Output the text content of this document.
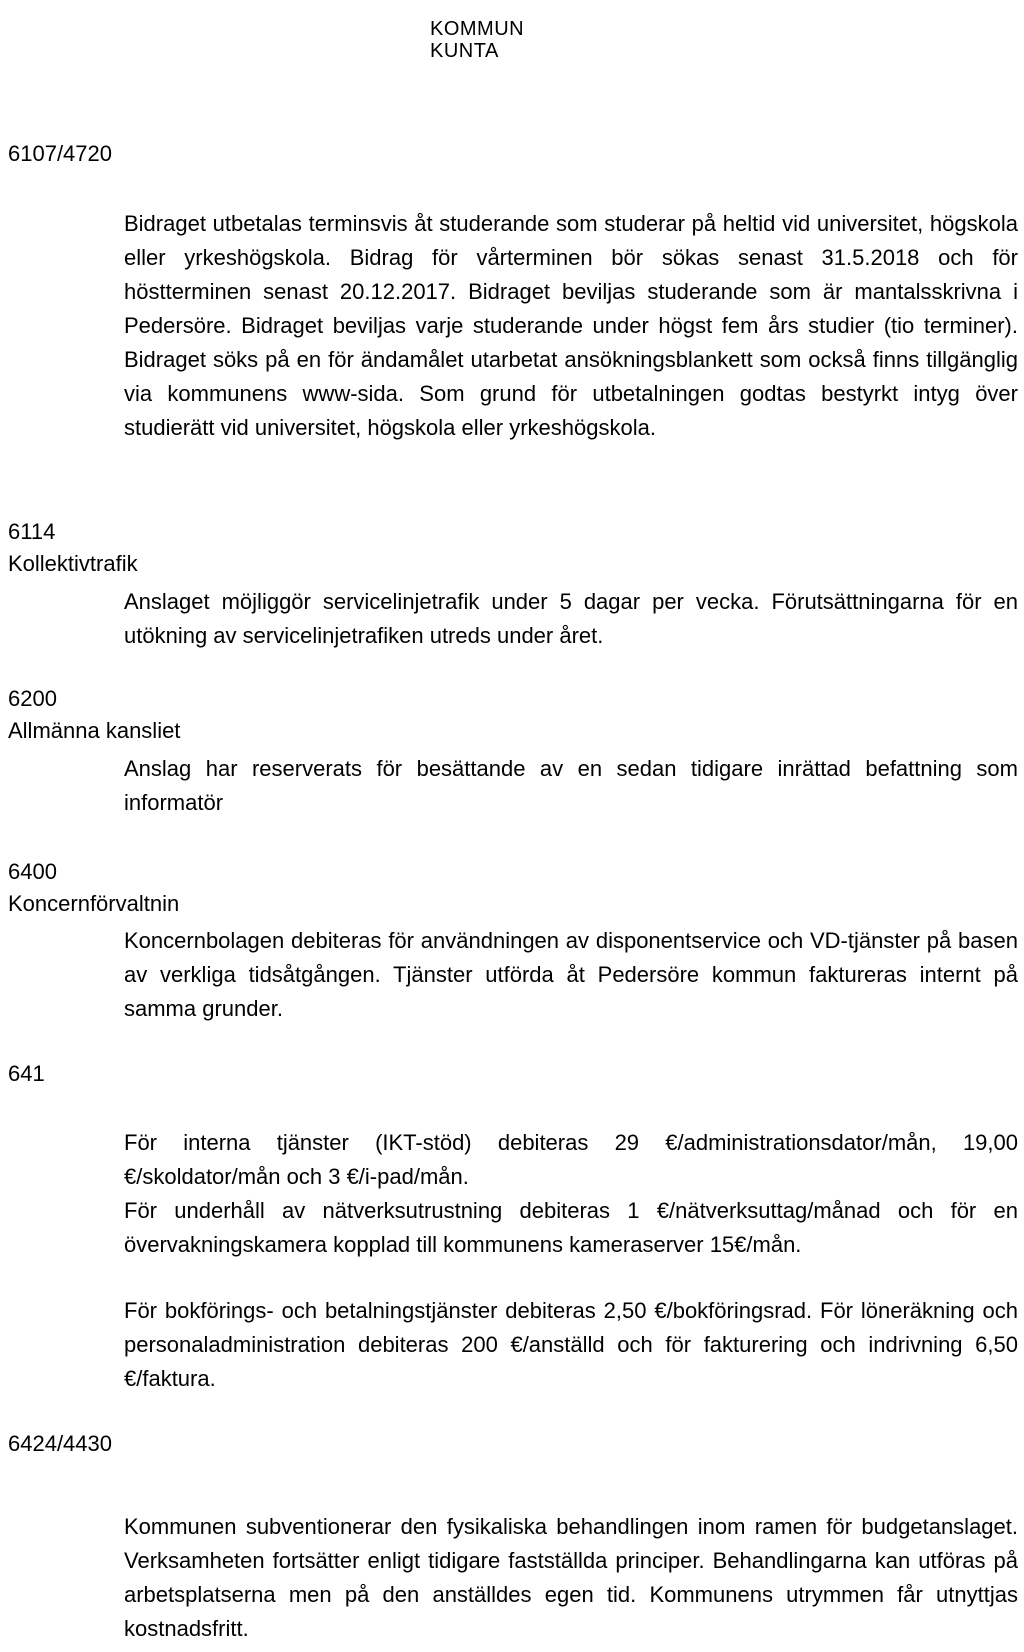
KOMMUN
KUNTA
6107/4720

Bidraget utbetalas terminsvis åt studerande som studerar på heltid vid universitet, högskola eller yrkeshögskola. Bidrag för vårterminen bör sökas senast 31.5.2018 och för höstterminen senast 20.12.2017. Bidraget beviljas studerande som är mantalsskrivna i Pedersöre. Bidraget beviljas varje studerande under högst fem års studier (tio terminer). Bidraget söks på en för ändamålet utarbetat ansökningsblankett som också finns tillgänglig via kommunens www-sida. Som grund för utbetalningen godtas bestyrkt intyg över studierätt vid universitet, högskola eller yrkeshögskola.

6114
Kollektivtrafik

Anslaget möjliggör servicelinjetrafik under 5 dagar per vecka. Förutsättningarna för en utökning av servicelinjetrafiken utreds under året.

6200
Allmänna kansliet

Anslag har reserverats för besättande av en sedan tidigare inrättad befattning som informatör

6400
Koncernförvaltnin

Koncernbolagen debiteras för användningen av disponentservice och VD-tjänster på basen av verkliga tidsåtgången. Tjänster utförda åt Pedersöre kommun faktureras internt på samma grunder.

641

För interna tjänster (IKT-stöd) debiteras 29 €/administrationsdator/mån, 19,00 €/skoldator/mån och 3 €/i-pad/mån.

För underhåll av nätverksutrustning debiteras 1 €/nätverksuttag/månad och för en övervakningskamera kopplad till kommunens kameraserver 15€/mån.

För bokförings- och betalningstjänster debiteras 2,50 €/bokföringsrad. För löneräkning och personaladministration debiteras 200 €/anställd och för fakturering och indrivning 6,50 €/faktura.

6424/4430

Kommunen subventionerar den fysikaliska behandlingen inom ramen för budgetanslaget. Verksamheten fortsätter enligt tidigare fastställda principer. Behandlingarna kan utföras på arbetsplatserna men på den anställdes egen tid. Kommunens utrymmen får utnyttjas kostnadsfritt.
